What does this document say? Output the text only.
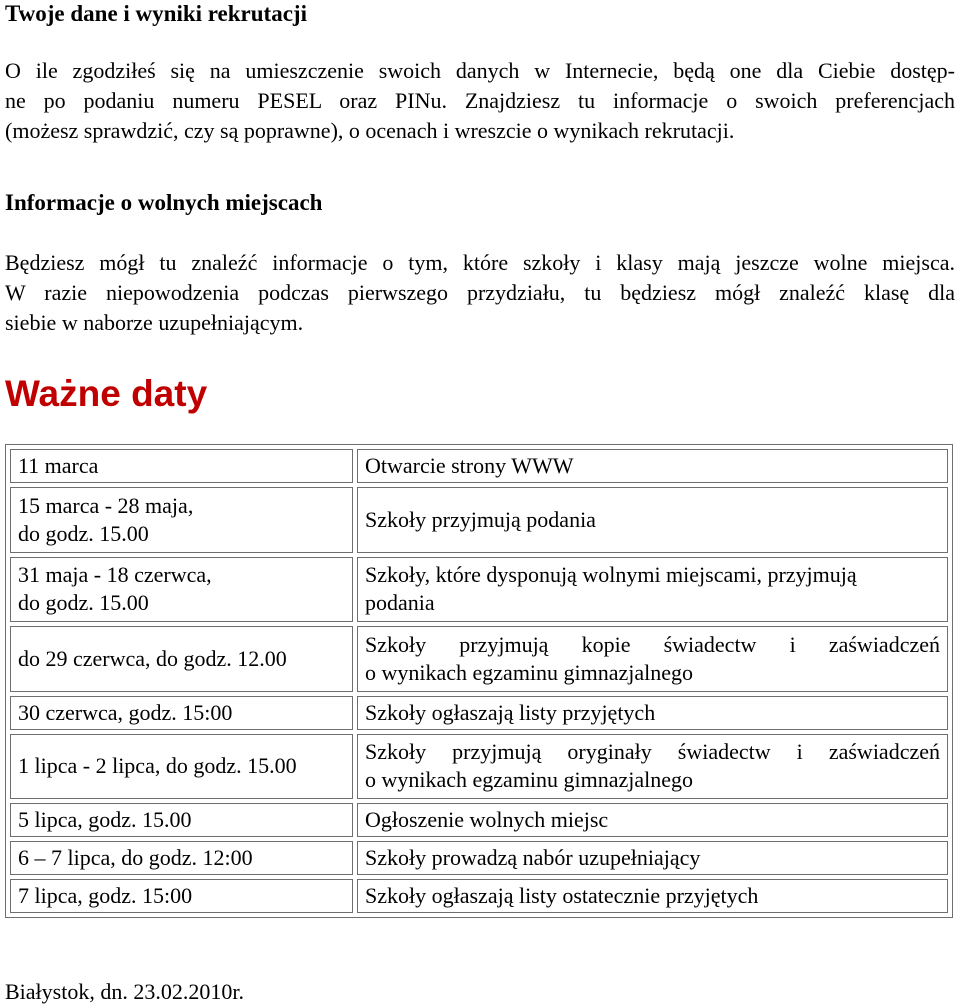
Twoje dane i wyniki rekrutacji
O ile zgodziłeś się na umieszczenie swoich danych w Internecie, będą one dla Ciebie dostęp-
ne po podaniu numeru PESEL oraz PINu. Znajdziesz tu informacje o swoich preferencjach
(możesz sprawdzić, czy są poprawne), o ocenach i wreszcie o wynikach rekrutacji.
Informacje o wolnych miejscach
Będziesz mógł tu znaleźć informacje o tym, które szkoły i klasy mają jeszcze wolne miejsca.
W razie niepowodzenia podczas pierwszego przydziału, tu będziesz mógł znaleźć klasę dla
siebie w naborze uzupełniającym.
Ważne daty
Białystok, dn. 23.02.2010r.
11 marca	Otwarcie strony WWW

15 marca - 28 maja,
do godz. 15.00	Szkoły przyjmują podania

31 maja - 18 czerwca,
do godz. 15.00	Szkoły, które dysponują wolnymi miejscami, przyjmują
podania

do 29 czerwca, do godz. 12.00	Szkoły przyjmują kopie świadectw i zaświadczeń
o wynikach egzaminu gimnazjalnego

30 czerwca, godz. 15:00	Szkoły ogłaszają listy przyjętych

1 lipca - 2 lipca, do godz. 15.00	Szkoły przyjmują oryginały świadectw i zaświadczeń
o wynikach egzaminu gimnazjalnego

5 lipca, godz. 15.00	Ogłoszenie wolnych miejsc

6 – 7 lipca, do godz. 12:00	Szkoły prowadzą nabór uzupełniający

7 lipca, godz. 15:00	Szkoły ogłaszają listy ostatecznie przyjętych
